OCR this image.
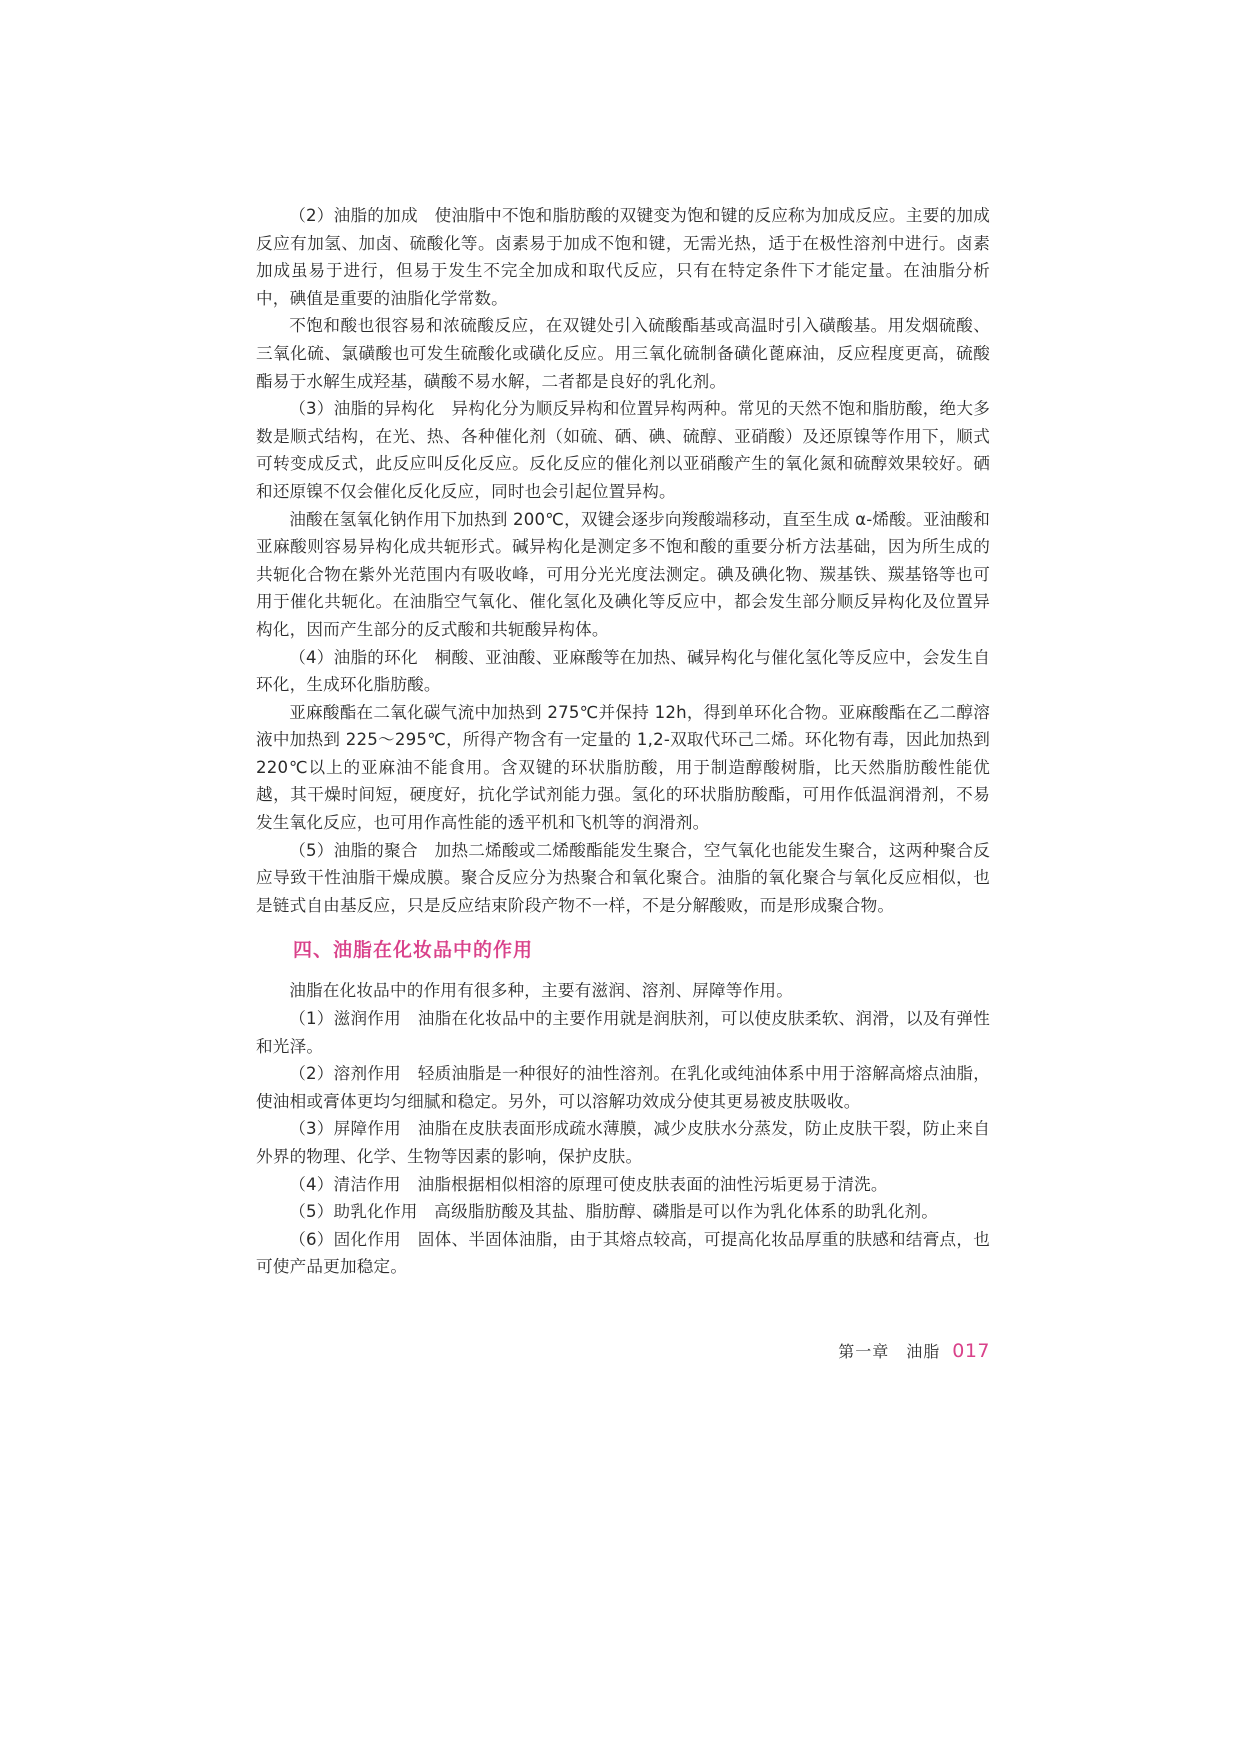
（2）油脂的加成　使油脂中不饱和脂肪酸的双键变为饱和键的反应称为加成反应。主要的加成反应有加氢、加卤、硫酸化等。卤素易于加成不饱和键，无需光热，适于在极性溶剂中进行。卤素加成虽易于进行，但易于发生不完全加成和取代反应，只有在特定条件下才能定量。在油脂分析中，碘值是重要的油脂化学常数。

不饱和酸也很容易和浓硫酸反应，在双键处引入硫酸酯基或高温时引入磺酸基。用发烟硫酸、三氧化硫、氯磺酸也可发生硫酸化或磺化反应。用三氧化硫制备磺化蓖麻油，反应程度更高，硫酸酯易于水解生成羟基，磺酸不易水解，二者都是良好的乳化剂。

（3）油脂的异构化　异构化分为顺反异构和位置异构两种。常见的天然不饱和脂肪酸，绝大多数是顺式结构，在光、热、各种催化剂（如硫、硒、碘、硫醇、亚硝酸）及还原镍等作用下，顺式可转变成反式，此反应叫反化反应。反化反应的催化剂以亚硝酸产生的氧化氮和硫醇效果较好。硒和还原镍不仅会催化反化反应，同时也会引起位置异构。

油酸在氢氧化钠作用下加热到 200℃，双键会逐步向羧酸端移动，直至生成 α-烯酸。亚油酸和亚麻酸则容易异构化成共轭形式。碱异构化是测定多不饱和酸的重要分析方法基础，因为所生成的共轭化合物在紫外光范围内有吸收峰，可用分光光度法测定。碘及碘化物、羰基铁、羰基铬等也可用于催化共轭化。在油脂空气氧化、催化氢化及碘化等反应中，都会发生部分顺反异构化及位置异构化，因而产生部分的反式酸和共轭酸异构体。

（4）油脂的环化　桐酸、亚油酸、亚麻酸等在加热、碱异构化与催化氢化等反应中，会发生自环化，生成环化脂肪酸。

亚麻酸酯在二氧化碳气流中加热到 275℃并保持 12h，得到单环化合物。亚麻酸酯在乙二醇溶液中加热到 225～295℃，所得产物含有一定量的 1,2-双取代环己二烯。环化物有毒，因此加热到 220℃以上的亚麻油不能食用。含双键的环状脂肪酸，用于制造醇酸树脂，比天然脂肪酸性能优越，其干燥时间短，硬度好，抗化学试剂能力强。氢化的环状脂肪酸酯，可用作低温润滑剂，不易发生氧化反应，也可用作高性能的透平机和飞机等的润滑剂。

（5）油脂的聚合　加热二烯酸或二烯酸酯能发生聚合，空气氧化也能发生聚合，这两种聚合反应导致干性油脂干燥成膜。聚合反应分为热聚合和氧化聚合。油脂的氧化聚合与氧化反应相似，也是链式自由基反应，只是反应结束阶段产物不一样，不是分解酸败，而是形成聚合物。

四、油脂在化妆品中的作用

油脂在化妆品中的作用有很多种，主要有滋润、溶剂、屏障等作用。

（1）滋润作用　油脂在化妆品中的主要作用就是润肤剂，可以使皮肤柔软、润滑，以及有弹性和光泽。

（2）溶剂作用　轻质油脂是一种很好的油性溶剂。在乳化或纯油体系中用于溶解高熔点油脂，使油相或膏体更均匀细腻和稳定。另外，可以溶解功效成分使其更易被皮肤吸收。

（3）屏障作用　油脂在皮肤表面形成疏水薄膜，减少皮肤水分蒸发，防止皮肤干裂，防止来自外界的物理、化学、生物等因素的影响，保护皮肤。

（4）清洁作用　油脂根据相似相溶的原理可使皮肤表面的油性污垢更易于清洗。

（5）助乳化作用　高级脂肪酸及其盐、脂肪醇、磷脂是可以作为乳化体系的助乳化剂。

（6）固化作用　固体、半固体油脂，由于其熔点较高，可提高化妆品厚重的肤感和结膏点，也可使产品更加稳定。

第一章　油脂 017
